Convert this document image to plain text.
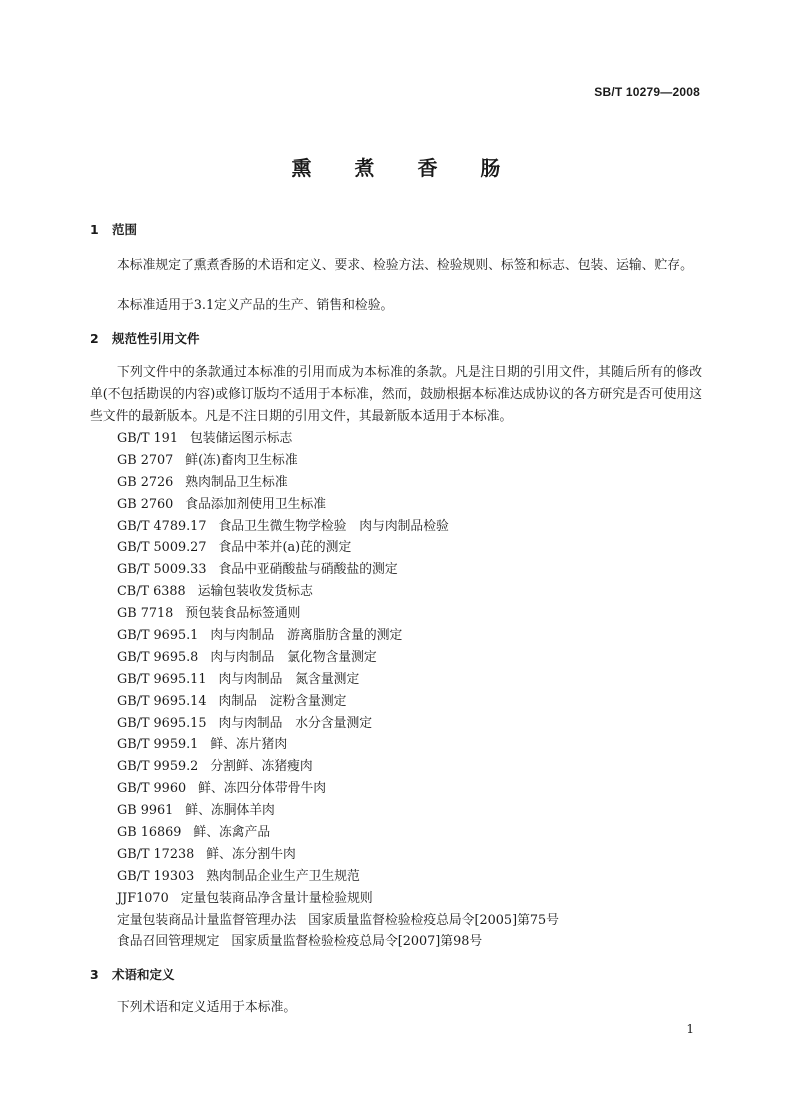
SB/T 10279—2008
熏 煮 香 肠
1 范围

本标准规定了熏煮香肠的术语和定义、要求、检验方法、检验规则、标签和标志、包装、运输、贮存。

本标准适用于3.1定义产品的生产、销售和检验。

2 规范性引用文件

下列文件中的条款通过本标准的引用而成为本标准的条款。凡是注日期的引用文件，其随后所有的修改单(不包括勘误的内容)或修订版均不适用于本标准，然而，鼓励根据本标准达成协议的各方研究是否可使用这些文件的最新版本。凡是不注日期的引用文件，其最新版本适用于本标准。

GB/T 191 包装储运图示标志
GB 2707 鲜(冻)畜肉卫生标准
GB 2726 熟肉制品卫生标准
GB 2760 食品添加剂使用卫生标准
GB/T 4789.17 食品卫生微生物学检验　肉与肉制品检验
GB/T 5009.27 食品中苯并(a)芘的测定
GB/T 5009.33 食品中亚硝酸盐与硝酸盐的测定
CB/T 6388 运输包装收发货标志
GB 7718 预包装食品标签通则
GB/T 9695.1 肉与肉制品　游离脂肪含量的测定
GB/T 9695.8 肉与肉制品　氯化物含量测定
GB/T 9695.11 肉与肉制品　氮含量测定
GB/T 9695.14 肉制品　淀粉含量测定
GB/T 9695.15 肉与肉制品　水分含量测定
GB/T 9959.1 鲜、冻片猪肉
GB/T 9959.2 分割鲜、冻猪瘦肉
GB/T 9960 鲜、冻四分体带骨牛肉
GB 9961 鲜、冻胴体羊肉
GB 16869 鲜、冻禽产品
GB/T 17238 鲜、冻分割牛肉
GB/T 19303 熟肉制品企业生产卫生规范
JJF1070 定量包装商品净含量计量检验规则
定量包装商品计量监督管理办法 国家质量监督检验检疫总局令[2005]第75号
食品召回管理规定 国家质量监督检验检疫总局令[2007]第98号
3 术语和定义

下列术语和定义适用于本标准。

1
